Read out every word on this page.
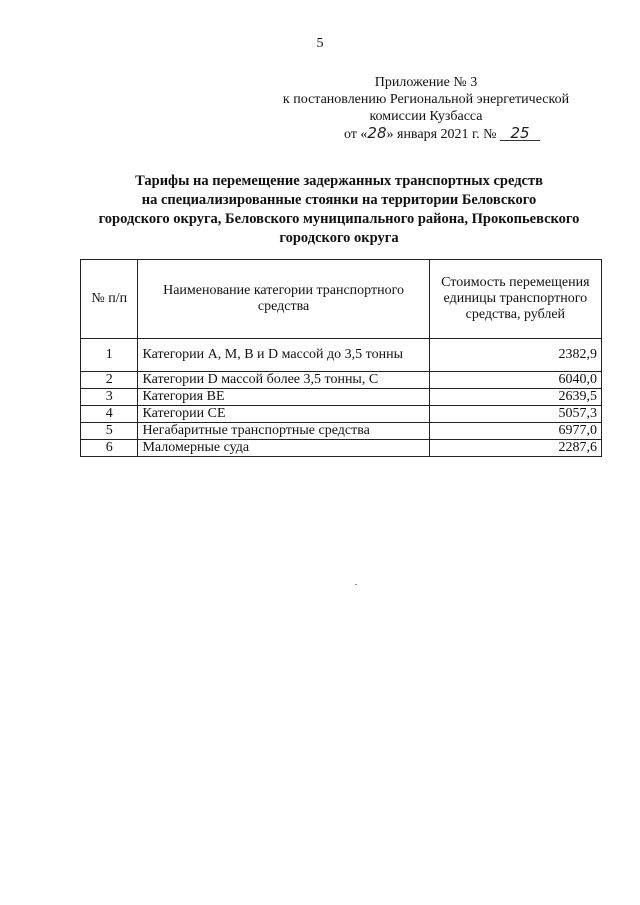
5
Приложение № 3
к постановлению Региональной энергетической
комиссии Кузбасса
от «28» января 2021 г. № 25
Тарифы на перемещение задержанных транспортных средств
на специализированные стоянки на территории Беловского
городского округа, Беловского муниципального района, Прокопьевского
городского округа
№ п/п	Наименование категории транспортного средства	Стоимость перемещения единицы транспортного средства, рублей
1	Категории A, M, B и D массой до 3,5 тонны	2382,9
2	Категории D массой более 3,5 тонны, C	6040,0
3	Категория BE	2639,5
4	Категории CE	5057,3
5	Негабаритные транспортные средства	6977,0
6	Маломерные суда	2287,6
